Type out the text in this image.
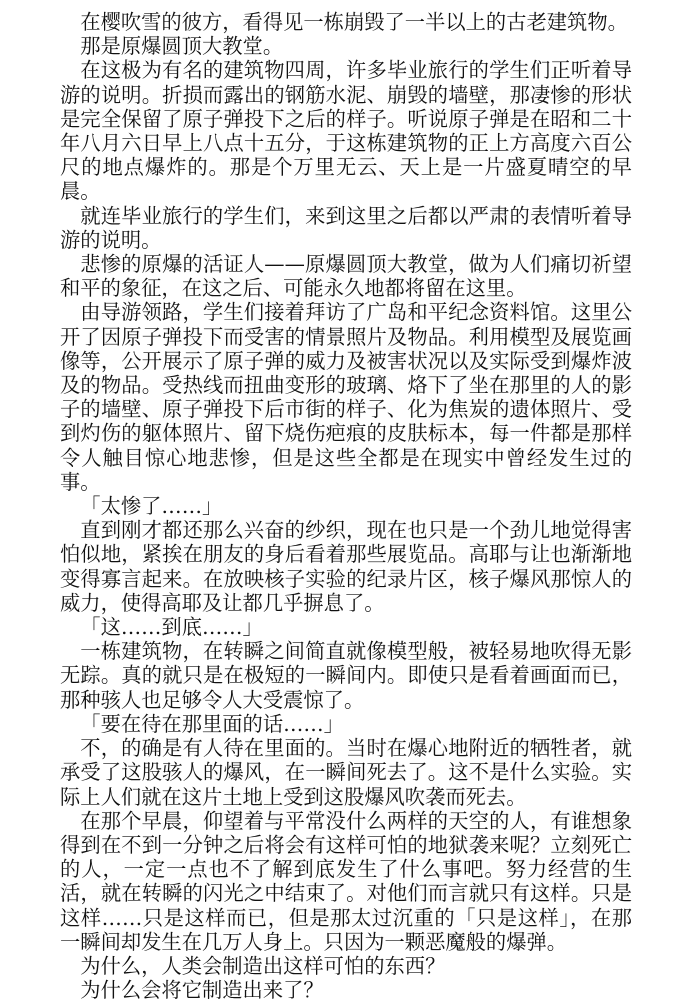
在樱吹雪的彼方，看得见一栋崩毁了一半以上的古老建筑物。

那是原爆圆顶大教堂。

在这极为有名的建筑物四周，许多毕业旅行的学生们正听着导游的说明。折损而露出的钢筋水泥、崩毁的墙壁，那凄惨的形状是完全保留了原子弹投下之后的样子。听说原子弹是在昭和二十年八月六日早上八点十五分，于这栋建筑物的正上方高度六百公尺的地点爆炸的。那是个万里无云、天上是一片盛夏晴空的早晨。

就连毕业旅行的学生们，来到这里之后都以严肃的表情听着导游的说明。

悲惨的原爆的活证人——原爆圆顶大教堂，做为人们痛切祈望和平的象征，在这之后、可能永久地都将留在这里。

由导游领路，学生们接着拜访了广岛和平纪念资料馆。这里公开了因原子弹投下而受害的情景照片及物品。利用模型及展览画像等，公开展示了原子弹的威力及被害状况以及实际受到爆炸波及的物品。受热线而扭曲变形的玻璃、烙下了坐在那里的人的影子的墙壁、原子弹投下后市街的样子、化为焦炭的遗体照片、受到灼伤的躯体照片、留下烧伤疤痕的皮肤标本，每一件都是那样令人触目惊心地悲惨，但是这些全都是在现实中曾经发生过的事。

「太惨了……」

直到刚才都还那么兴奋的纱织，现在也只是一个劲儿地觉得害怕似地，紧挨在朋友的身后看着那些展览品。高耶与让也渐渐地变得寡言起来。在放映核子实验的纪录片区，核子爆风那惊人的威力，使得高耶及让都几乎摒息了。

「这……到底……」

一栋建筑物，在转瞬之间简直就像模型般，被轻易地吹得无影无踪。真的就只是在极短的一瞬间内。即使只是看着画面而已，那种骇人也足够令人大受震惊了。

「要在待在那里面的话……」

不，的确是有人待在里面的。当时在爆心地附近的牺牲者，就承受了这股骇人的爆风，在一瞬间死去了。这不是什么实验。实际上人们就在这片土地上受到这股爆风吹袭而死去。

在那个早晨，仰望着与平常没什么两样的天空的人，有谁想象得到在不到一分钟之后将会有这样可怕的地狱袭来呢？立刻死亡的人，一定一点也不了解到底发生了什么事吧。努力经营的生活，就在转瞬的闪光之中结束了。对他们而言就只有这样。只是这样……只是这样而已，但是那太过沉重的「只是这样」，在那一瞬间却发生在几万人身上。只因为一颗恶魔般的爆弹。

为什么，人类会制造出这样可怕的东西？

为什么会将它制造出来了？
